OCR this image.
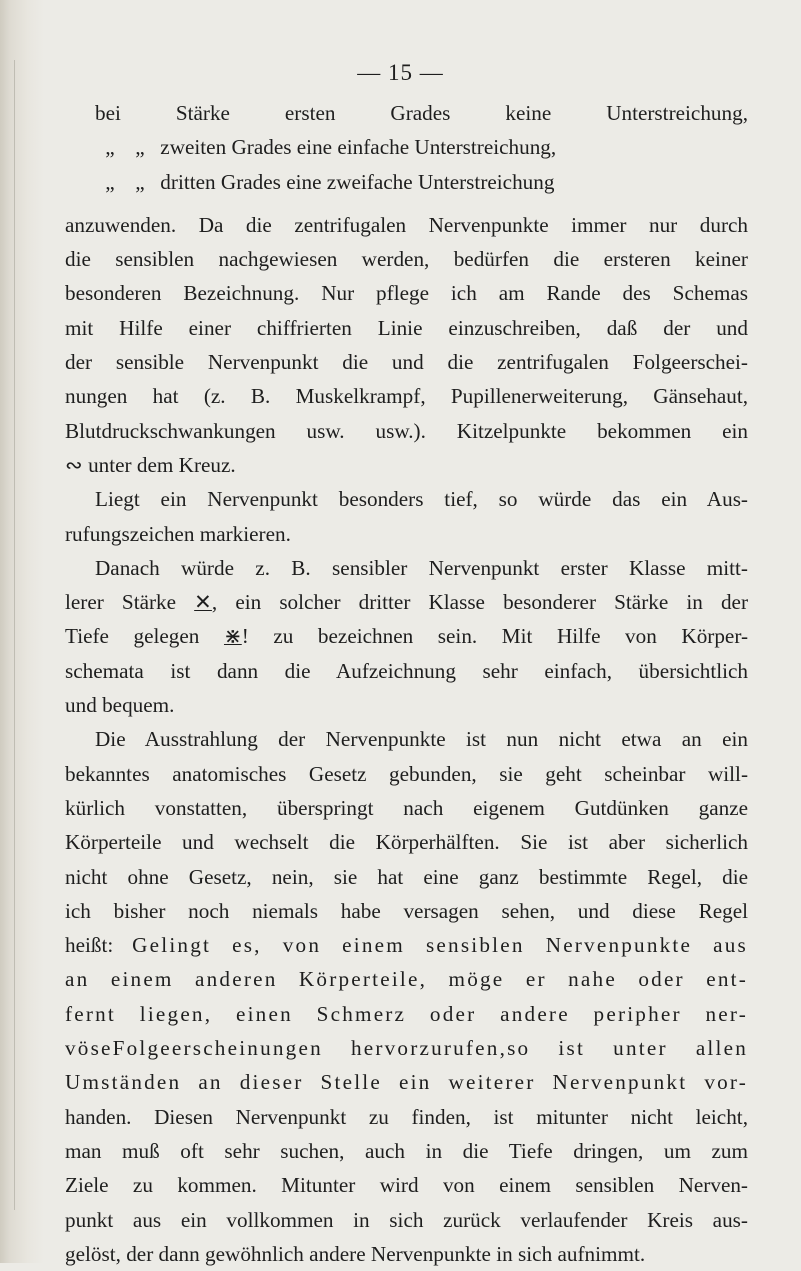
— 15 —
bei Stärke ersten Grades keine Unterstreichung,
„ „ zweiten Grades eine einfache Unterstreichung,
„ „ dritten Grades eine zweifache Unterstreichung
anzuwenden. Da die zentrifugalen Nervenpunkte immer nur durch
die sensiblen nachgewiesen werden, bedürfen die ersteren keiner
besonderen Bezeichnung. Nur pflege ich am Rande des Schemas
mit Hilfe einer chiffrierten Linie einzuschreiben, daß der und
der sensible Nervenpunkt die und die zentrifugalen Folgeerschei-
nungen hat (z. B. Muskelkrampf, Pupillenerweiterung, Gänsehaut,
Blutdruckschwankungen usw. usw.). Kitzelpunkte bekommen ein
∾ unter dem Kreuz.
Liegt ein Nervenpunkt besonders tief, so würde das ein Aus-
rufungszeichen markieren.
Danach würde z. B. sensibler Nervenpunkt erster Klasse mitt-
lerer Stärke ✕, ein solcher dritter Klasse besonderer Stärke in der
Tiefe gelegen ⋇! zu bezeichnen sein. Mit Hilfe von Körper-
schemata ist dann die Aufzeichnung sehr einfach, übersichtlich
und bequem.
Die Ausstrahlung der Nervenpunkte ist nun nicht etwa an ein
bekanntes anatomisches Gesetz gebunden, sie geht scheinbar will-
kürlich vonstatten, überspringt nach eigenem Gutdünken ganze
Körperteile und wechselt die Körperhälften. Sie ist aber sicherlich
nicht ohne Gesetz, nein, sie hat eine ganz bestimmte Regel, die
ich bisher noch niemals habe versagen sehen, und diese Regel
heißt: Gelingt es, von einem sensiblen Nervenpunkte aus
an einem anderen Körperteile, möge er nahe oder ent-
fernt liegen, einen Schmerz oder andere peripher ner-
vöseFolgeerscheinungen hervorzurufen,so ist unter allen
Umständen an dieser Stelle ein weiterer Nervenpunkt vor-
handen. Diesen Nervenpunkt zu finden, ist mitunter nicht leicht,
man muß oft sehr suchen, auch in die Tiefe dringen, um zum
Ziele zu kommen. Mitunter wird von einem sensiblen Nerven-
punkt aus ein vollkommen in sich zurück verlaufender Kreis aus-
gelöst, der dann gewöhnlich andere Nervenpunkte in sich aufnimmt.
